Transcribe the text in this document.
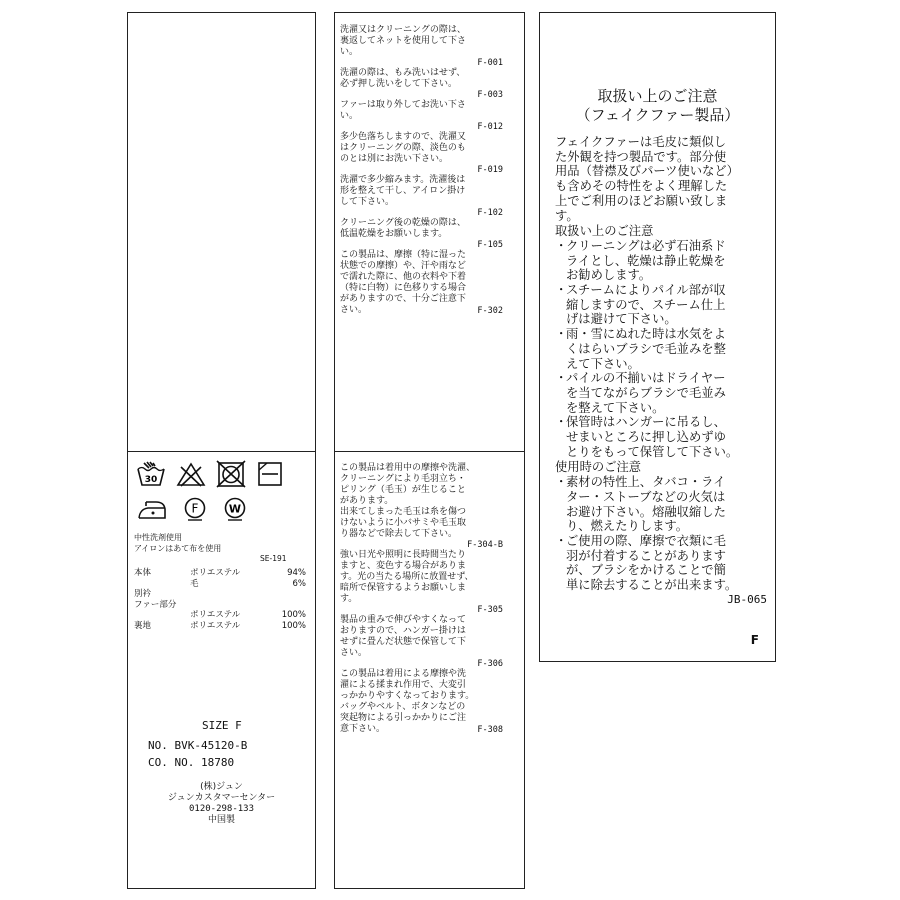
30
F	W
中性洗剤使用
アイロンはあて布を使用
SE-191
本体	ポリエステル	94%
毛	6%
別衿
ファー部分
ポリエステル	100%
裏地	ポリエステル	100%
SIZE F
NO. BVK-45120-B
CO. NO. 18780
(株)ジュン
ジュンカスタマーセンター
0120-298-133
中国製
洗濯又はクリーニングの際は、
裏返してネットを使用して下さ
い。
F-001
洗濯の際は、もみ洗いはせず、
必ず押し洗いをして下さい。
F-003
ファーは取り外してお洗い下さ
い。
F-012
多少色落ちしますので、洗濯又
はクリーニングの際、淡色のも
のとは別にお洗い下さい。
F-019
洗濯で多少縮みます。洗濯後は
形を整えて干し、アイロン掛け
して下さい。
F-102
クリーニング後の乾燥の際は、
低温乾燥をお願いします。
F-105
この製品は、摩擦（特に湿った
状態での摩擦）や、汗や雨など
で濡れた際に、他の衣料や下着
（特に白物）に色移りする場合
がありますので、十分ご注意下
さい。	F-302
この製品は着用中の摩擦や洗濯、
クリーニングにより毛羽立ち・
ピリング（毛玉）が生じること
があります。
出来てしまった毛玉は糸を傷つ
けないように小バサミや毛玉取
り器などで除去して下さい。
F-304-B
強い日光や照明に長時間当たり
ますと、変色する場合がありま
す。光の当たる場所に放置せず、
暗所で保管するようお願いしま
す。
F-305
製品の重みで伸びやすくなって
おりますので、ハンガー掛けは
せずに畳んだ状態で保管して下
さい。
F-306
この製品は着用による摩擦や洗
濯による揉まれ作用で、大変引
っかかりやすくなっております。
バッグやベルト、ボタンなどの
突起物による引っかかりにご注
意下さい。	F-308
取扱い上のご注意
（フェイクファー製品）
フェイクファーは毛皮に類似し
た外観を持つ製品です。部分使
用品（替襟及びパーツ使いなど）
も含めその特性をよく理解した
上でご利用のほどお願い致しま
す。
取扱い上のご注意
・
クリーニングは必ず石油系ド
ライとし、乾燥は静止乾燥を
お勧めします。
・
スチームによりパイル部が収
縮しますので、スチーム仕上
げは避けて下さい。
・
雨・雪にぬれた時は水気をよ
くはらいブラシで毛並みを整
えて下さい。
・
パイルの不揃いはドライヤー
を当てながらブラシで毛並み
を整えて下さい。
・
保管時はハンガーに吊るし、
せまいところに押し込めずゆ
とりをもって保管して下さい。
使用時のご注意
・
素材の特性上、タバコ・ライ
ター・ストーブなどの火気は
お避け下さい。熔融収縮した
り、燃えたりします。
・
ご使用の際、摩擦で衣類に毛
羽が付着することがあります
が、ブラシをかけることで簡
単に除去することが出来ます。
JB-065
F
